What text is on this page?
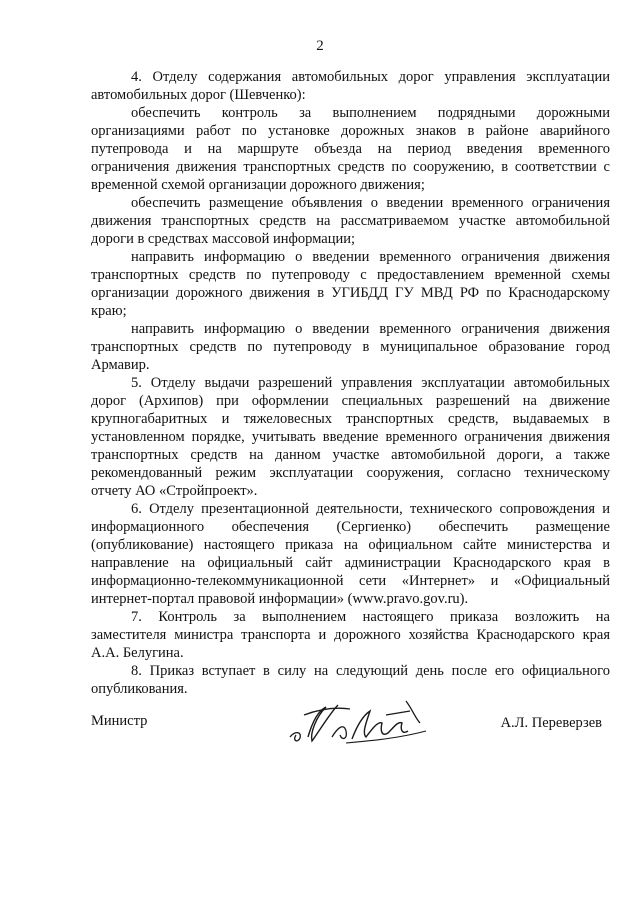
2
4. Отделу содержания автомобильных дорог управления эксплуатации
автомобильных дорог (Шевченко):
обеспечить контроль за выполнением подрядными дорожными
организациями работ по установке дорожных знаков в районе аварийного
путепровода и на маршруте объезда на период введения временного
ограничения движения транспортных средств по сооружению, в соответствии с
временной схемой организации дорожного движения;
обеспечить размещение объявления о введении временного ограничения
движения транспортных средств на рассматриваемом участке автомобильной
дороги в средствах массовой информации;
направить информацию о введении временного ограничения движения
транспортных средств по путепроводу с предоставлением временной схемы
организации дорожного движения в УГИБДД ГУ МВД РФ по Краснодарскому
краю;
направить информацию о введении временного ограничения движения
транспортных средств по путепроводу в муниципальное образование город
Армавир.
5. Отделу выдачи разрешений управления эксплуатации автомобильных
дорог (Архипов) при оформлении специальных разрешений на движение
крупногабаритных и тяжеловесных транспортных средств, выдаваемых в
установленном порядке, учитывать введение временного ограничения движения
транспортных средств на данном участке автомобильной дороги, а также
рекомендованный режим эксплуатации сооружения, согласно техническому
отчету АО «Стройпроект».
6. Отделу презентационной деятельности, технического сопровождения и
информационного обеспечения (Сергиенко) обеспечить размещение
(опубликование) настоящего приказа на официальном сайте министерства и
направление на официальный сайт администрации Краснодарского края в
информационно-телекоммуникационной сети «Интернет» и «Официальный
интернет-портал правовой информации» (www.pravo.gov.ru).
7. Контроль за выполнением настоящего приказа возложить на
заместителя министра транспорта и дорожного хозяйства Краснодарского края
А.А. Белугина.
8. Приказ вступает в силу на следующий день после его официального
опубликования.
Министр	А.Л. Переверзев
